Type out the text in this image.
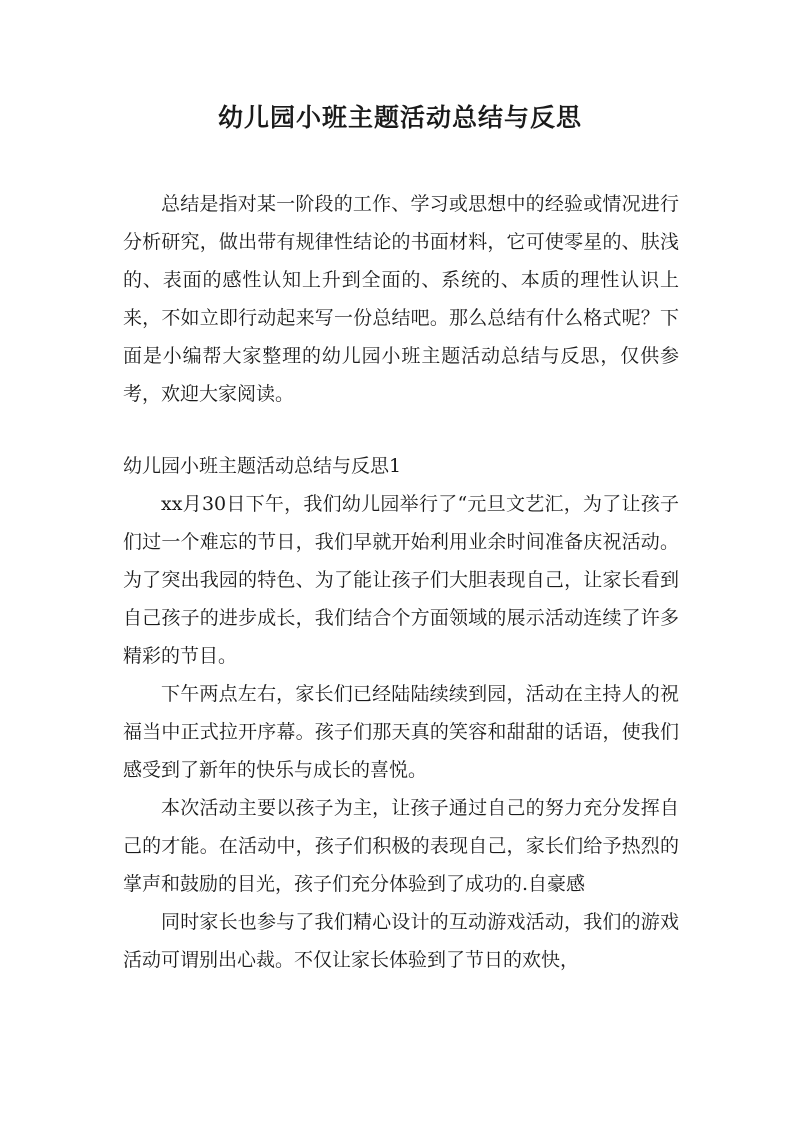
幼儿园小班主题活动总结与反思

总结是指对某一阶段的工作、学习或思想中的经验或情况进行分析研究，做出带有规律性结论的书面材料，它可使零星的、肤浅的、表面的感性认知上升到全面的、系统的、本质的理性认识上来，不如立即行动起来写一份总结吧。那么总结有什么格式呢？下面是小编帮大家整理的幼儿园小班主题活动总结与反思，仅供参考，欢迎大家阅读。

幼儿园小班主题活动总结与反思1

xx月30日下午，我们幼儿园举行了“元旦文艺汇，为了让孩子们过一个难忘的节日，我们早就开始利用业余时间准备庆祝活动。为了突出我园的特色、为了能让孩子们大胆表现自己，让家长看到自己孩子的进步成长，我们结合个方面领域的展示活动连续了许多精彩的节目。

下午两点左右，家长们已经陆陆续续到园，活动在主持人的祝福当中正式拉开序幕。孩子们那天真的笑容和甜甜的话语，使我们感受到了新年的快乐与成长的喜悦。

本次活动主要以孩子为主，让孩子通过自己的努力充分发挥自己的才能。在活动中，孩子们积极的表现自己，家长们给予热烈的掌声和鼓励的目光，孩子们充分体验到了成功的.自豪感

同时家长也参与了我们精心设计的互动游戏活动，我们的游戏活动可谓别出心裁。不仅让家长体验到了节日的欢快，
